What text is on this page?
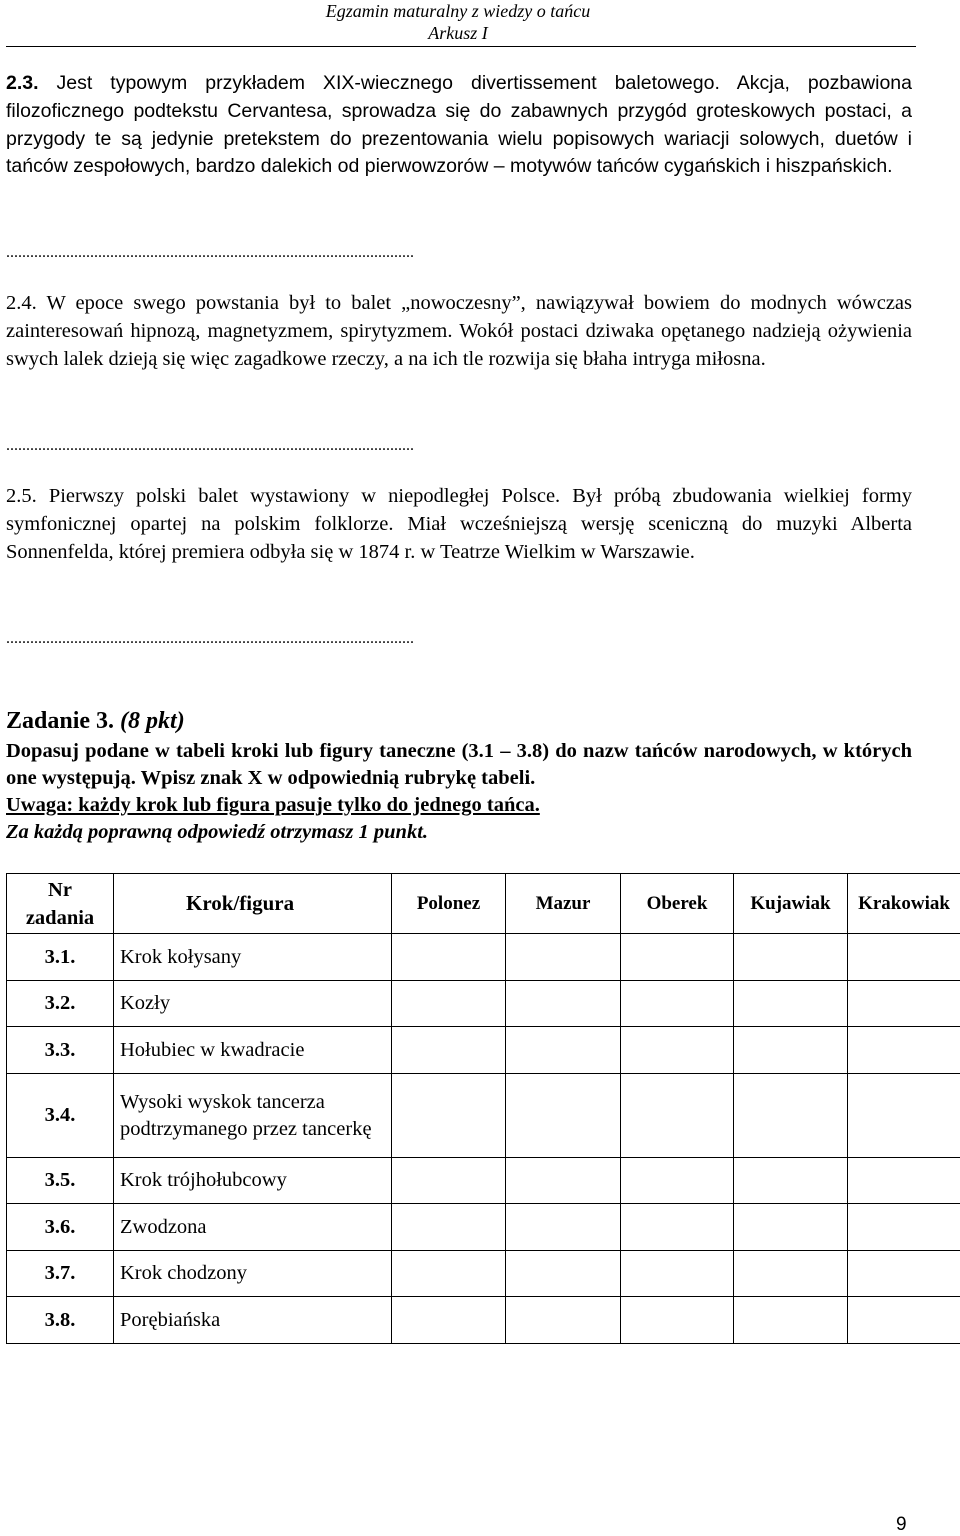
Egzamin maturalny z wiedzy o tańcu
Arkusz I

2.3. Jest typowym przykładem XIX-wiecznego divertissement baletowego. Akcja, pozbawiona filozoficznego podtekstu Cervantesa, sprowadza się do zabawnych przygód groteskowych postaci, a przygody te są jedynie pretekstem do prezentowania wielu popisowych wariacji solowych, duetów i tańców zespołowych, bardzo dalekich od pierwowzorów – motywów tańców cygańskich i hiszpańskich.

......................................................................................................

2.4. W epoce swego powstania był to balet „nowoczesny”, nawiązywał bowiem do modnych wówczas zainteresowań hipnozą, magnetyzmem, spirytyzmem. Wokół postaci dziwaka opętanego nadzieją ożywienia swych lalek dzieją się więc zagadkowe rzeczy, a na ich tle rozwija się błaha intryga miłosna.

......................................................................................................

2.5. Pierwszy polski balet wystawiony w niepodległej Polsce. Był próbą zbudowania wielkiej formy symfonicznej opartej na polskim folklorze. Miał wcześniejszą wersję sceniczną do muzyki Alberta Sonnenfelda, której premiera odbyła się w 1874 r. w Teatrze Wielkim w Warszawie.

......................................................................................................
Zadanie 3. (8 pkt)

Dopasuj podane w tabeli kroki lub figury taneczne (3.1 – 3.8) do nazw tańców narodowych, w których one występują. Wpisz znak X w odpowiednią rubrykę tabeli.

Uwaga: każdy krok lub figura pasuje tylko do jednego tańca.

Za każdą poprawną odpowiedź otrzymasz 1 punkt.

Nr
zadania	Krok/figura	Polonez	Mazur	Oberek	Kujawiak	Krakowiak
3.1.	Krok kołysany					
3.2.	Kozły					
3.3.	Hołubiec w kwadracie					
3.4.	Wysoki wyskok tancerza podtrzymanego przez tancerkę					
3.5.	Krok trójhołubcowy					
3.6.	Zwodzona					
3.7.	Krok chodzony					
3.8.	Porębiańska					
9
